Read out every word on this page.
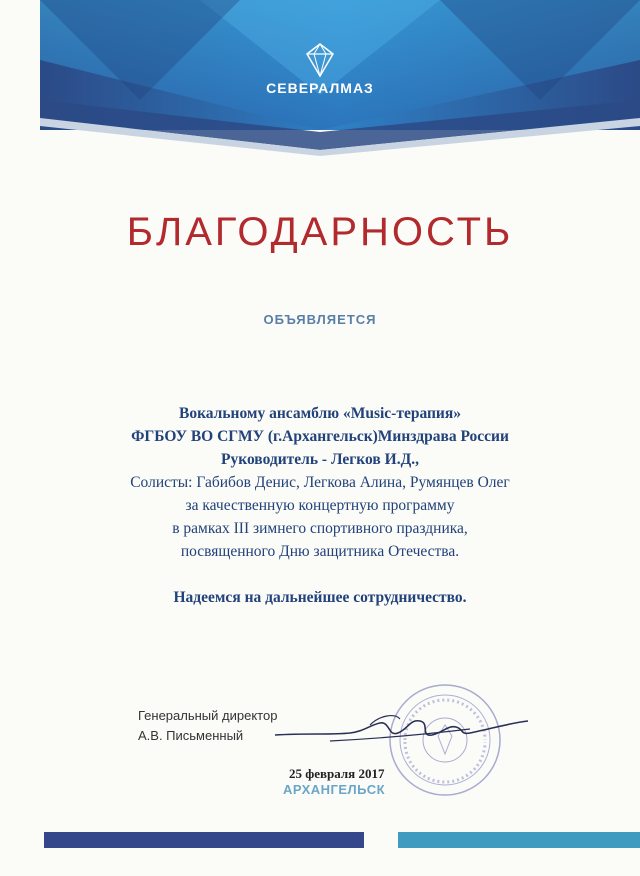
СЕВЕРАЛМАЗ
БЛАГОДАРНОСТЬ
ОБЪЯВЛЯЕТСЯ
Вокальному ансамблю «Music-терапия»
ФГБОУ ВО СГМУ (г.Архангельск)Минздрава России
Руководитель - Легков И.Д.,
Солисты: Габибов Денис, Легкова Алина, Румянцев Олег
за качественную концертную программу
в рамках III зимнего спортивного праздника,
посвященного Дню защитника Отечества.
Надеемся на дальнейшее сотрудничество.
Генеральный директор
А.В. Письменный
25 февраля 2017
АРХАНГЕЛЬСК
